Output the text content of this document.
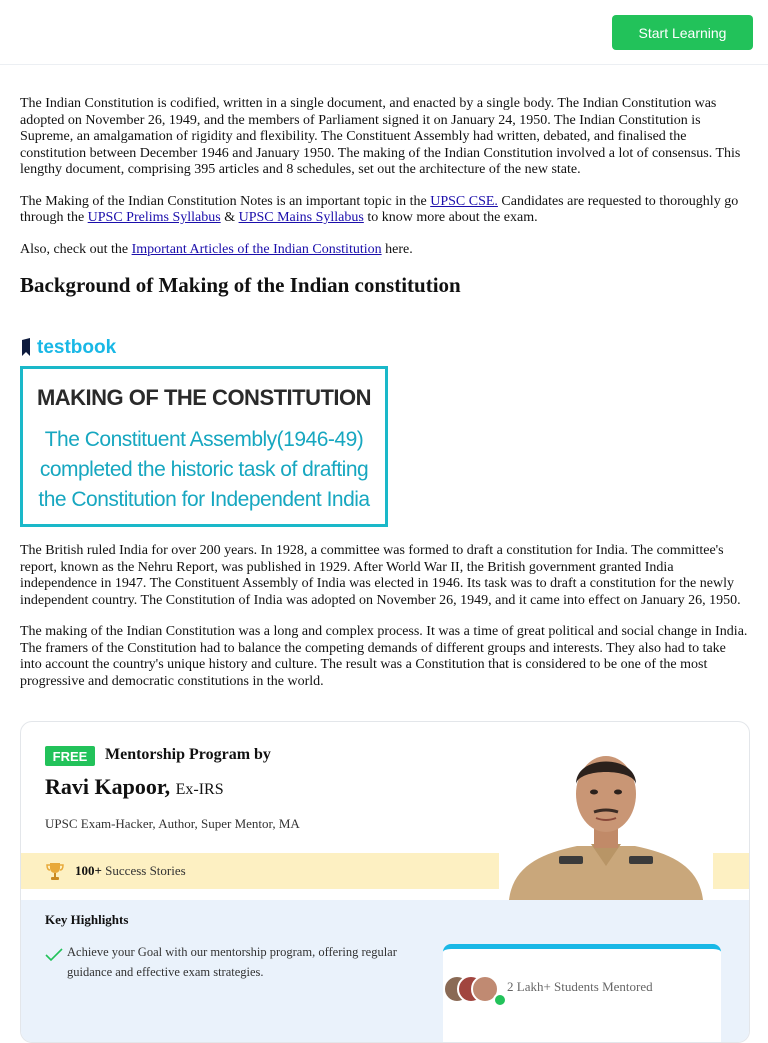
Start Learning

The Indian Constitution is codified, written in a single document, and enacted by a single body. The Indian Constitution was adopted on November 26, 1949, and the members of Parliament signed it on January 24, 1950. The Indian Constitution is Supreme, an amalgamation of rigidity and flexibility. The Constituent Assembly had written, debated, and finalised the constitution between December 1946 and January 1950. The making of the Indian Constitution involved a lot of consensus. This lengthy document, comprising 395 articles and 8 schedules, set out the architecture of the new state.

The Making of the Indian Constitution Notes is an important topic in the UPSC CSE. Candidates are requested to thoroughly go through the UPSC Prelims Syllabus & UPSC Mains Syllabus to know more about the exam.

Also, check out the Important Articles of the Indian Constitution here.

Background of Making of the Indian constitution
testbook
MAKING OF THE CONSTITUTION
The Constituent Assembly(1946-49)
completed the historic task of drafting
the Constitution for Independent India

The British ruled India for over 200 years. In 1928, a committee was formed to draft a constitution for India. The committee's report, known as the Nehru Report, was published in 1929. After World War II, the British government granted India independence in 1947. The Constituent Assembly of India was elected in 1946. Its task was to draft a constitution for the newly independent country. The Constitution of India was adopted on November 26, 1949, and it came into effect on January 26, 1950.

The making of the Indian Constitution was a long and complex process. It was a time of great political and social change in India. The framers of the Constitution had to balance the competing demands of different groups and interests. They also had to take into account the country's unique history and culture. The result was a Constitution that is considered to be one of the most progressive and democratic constitutions in the world.

FREE	Mentorship Program by
Ravi Kapoor, Ex-IRS
UPSC Exam-Hacker, Author, Super Mentor, MA
100+ Success Stories
Key Highlights
Achieve your Goal with our mentorship program, offering regular guidance and effective exam strategies.
2 Lakh+ Students Mentored
